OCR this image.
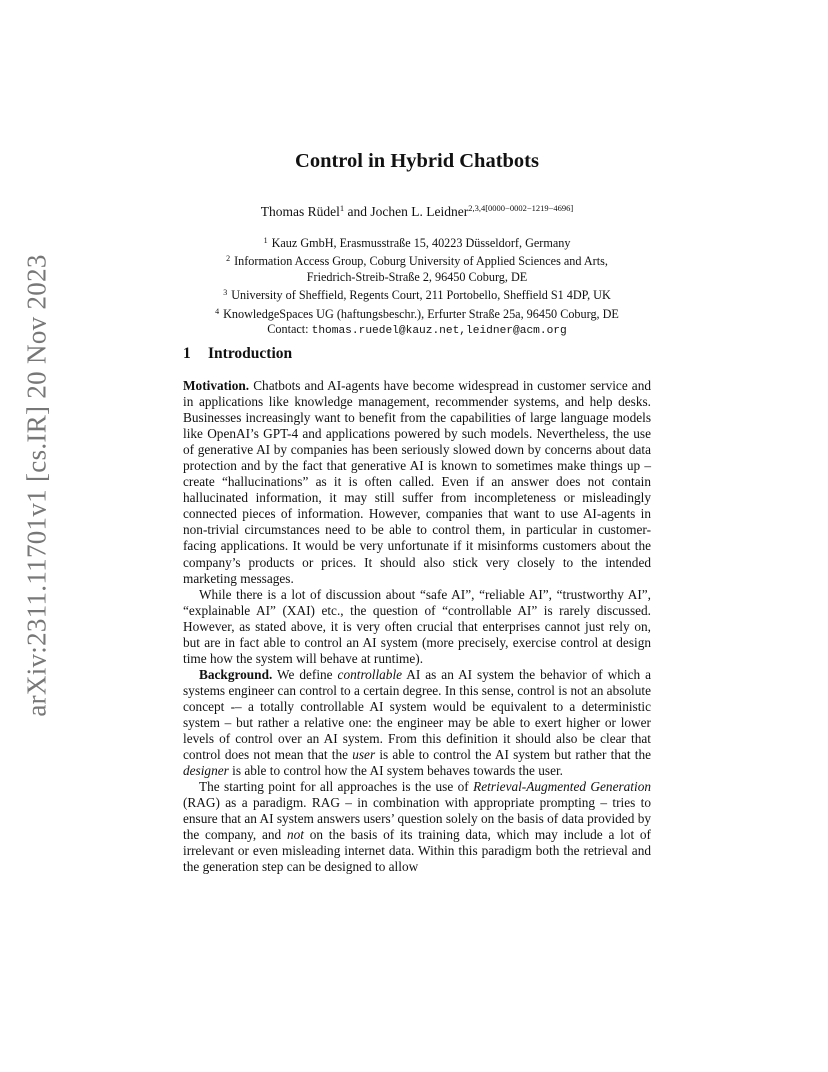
arXiv:2311.11701v1 [cs.IR] 20 Nov 2023
Control in Hybrid Chatbots
Thomas Rüdel$^1$ and Jochen L. Leidner$^{2,3,4[0000-0002-1219-4696]}$
$^1$ Kauz GmbH, Erasmusstraße 15, 40223 Düsseldorf, Germany
$^2$ Information Access Group, Coburg University of Applied Sciences and Arts,
Friedrich-Streib-Straße 2, 96450 Coburg, DE
$^3$ University of Sheffield, Regents Court, 211 Portobello, Sheffield S1 4DP, UK
$^4$ KnowledgeSpaces UG (haftungsbeschr.), Erfurter Straße 25a, 96450 Coburg, DE
Contact: thomas.ruedel@kauz.net,leidner@acm.org
1 Introduction

Motivation. Chatbots and AI-agents have become widespread in customer service and in applications like knowledge management, recommender systems, and help desks. Businesses increasingly want to benefit from the capabilities of large language models like OpenAI’s GPT-4 and applications powered by such models. Nevertheless, the use of generative AI by companies has been seriously slowed down by concerns about data protection and by the fact that generative AI is known to sometimes make things up – create “hallucinations” as it is often called. Even if an answer does not contain hallucinated information, it may still suffer from incompleteness or misleadingly connected pieces of information. However, companies that want to use AI-agents in non-trivial circumstances need to be able to control them, in particular in customer-facing applications. It would be very unfortunate if it misinforms customers about the company’s products or prices. It should also stick very closely to the intended marketing messages.

While there is a lot of discussion about “safe AI”, “reliable AI”, “trustworthy AI”, “explainable AI” (XAI) etc., the question of “controllable AI” is rarely discussed. However, as stated above, it is very often crucial that enterprises cannot just rely on, but are in fact able to control an AI system (more precisely, exercise control at design time how the system will behave at runtime).

Background. We define controllable AI as an AI system the behavior of which a systems engineer can control to a certain degree. In this sense, control is not an absolute concept -– a totally controllable AI system would be equivalent to a deterministic system – but rather a relative one: the engineer may be able to exert higher or lower levels of control over an AI system. From this definition it should also be clear that control does not mean that the user is able to control the AI system but rather that the designer is able to control how the AI system behaves towards the user.

The starting point for all approaches is the use of Retrieval-Augmented Generation (RAG) as a paradigm. RAG – in combination with appropriate prompting – tries to ensure that an AI system answers users’ question solely on the basis of data provided by the company, and not on the basis of its training data, which may include a lot of irrelevant or even misleading internet data. Within this paradigm both the retrieval and the generation step can be designed to allow
